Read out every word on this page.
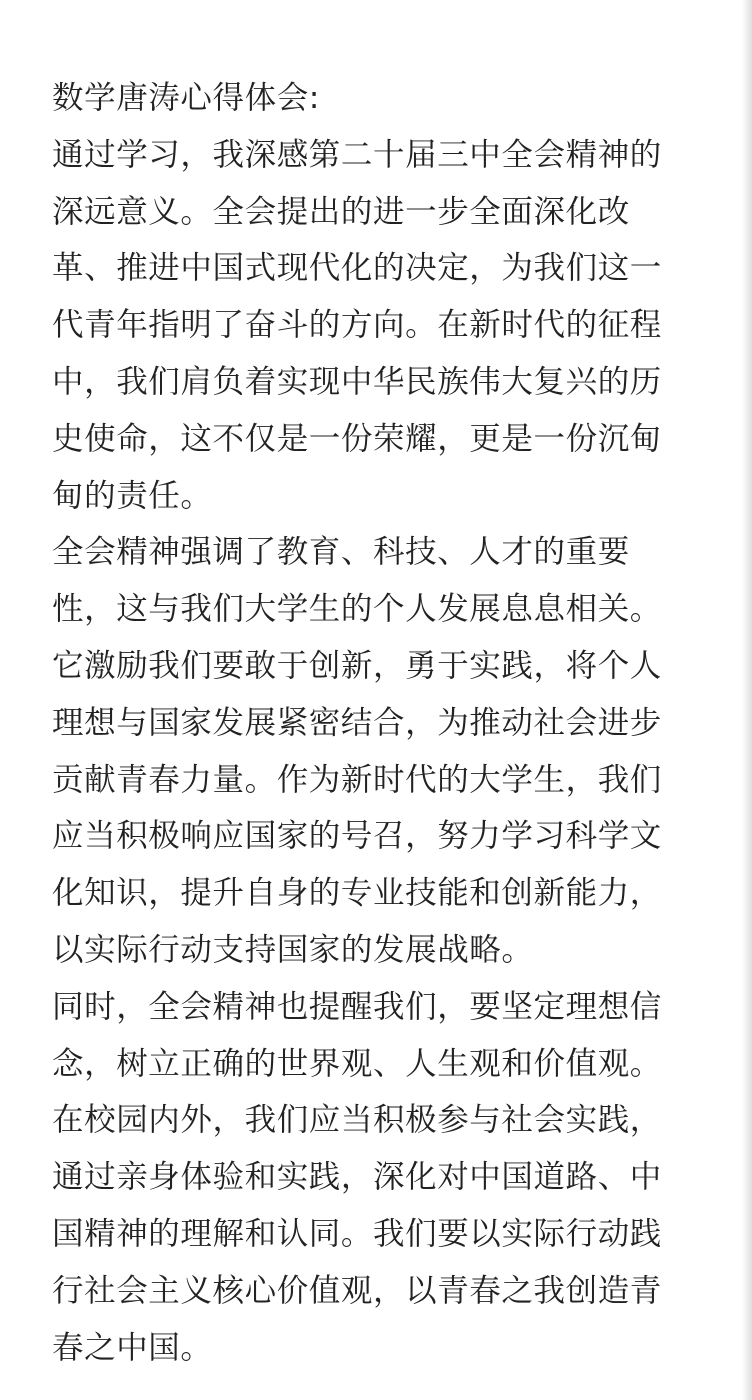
数学唐涛心得体会:
通过学习，我深感第二十届三中全会精神的
深远意义。全会提出的进一步全面深化改
革、推进中国式现代化的决定，为我们这一
代青年指明了奋斗的方向。在新时代的征程
中，我们肩负着实现中华民族伟大复兴的历
史使命，这不仅是一份荣耀，更是一份沉甸
甸的责任。
全会精神强调了教育、科技、人才的重要
性，这与我们大学生的个人发展息息相关。
它激励我们要敢于创新，勇于实践，将个人
理想与国家发展紧密结合，为推动社会进步
贡献青春力量。作为新时代的大学生，我们
应当积极响应国家的号召，努力学习科学文
化知识，提升自身的专业技能和创新能力，
以实际行动支持国家的发展战略。
同时，全会精神也提醒我们，要坚定理想信
念，树立正确的世界观、人生观和价值观。
在校园内外，我们应当积极参与社会实践，
通过亲身体验和实践，深化对中国道路、中
国精神的理解和认同。我们要以实际行动践
行社会主义核心价值观，以青春之我创造青
春之中国。
